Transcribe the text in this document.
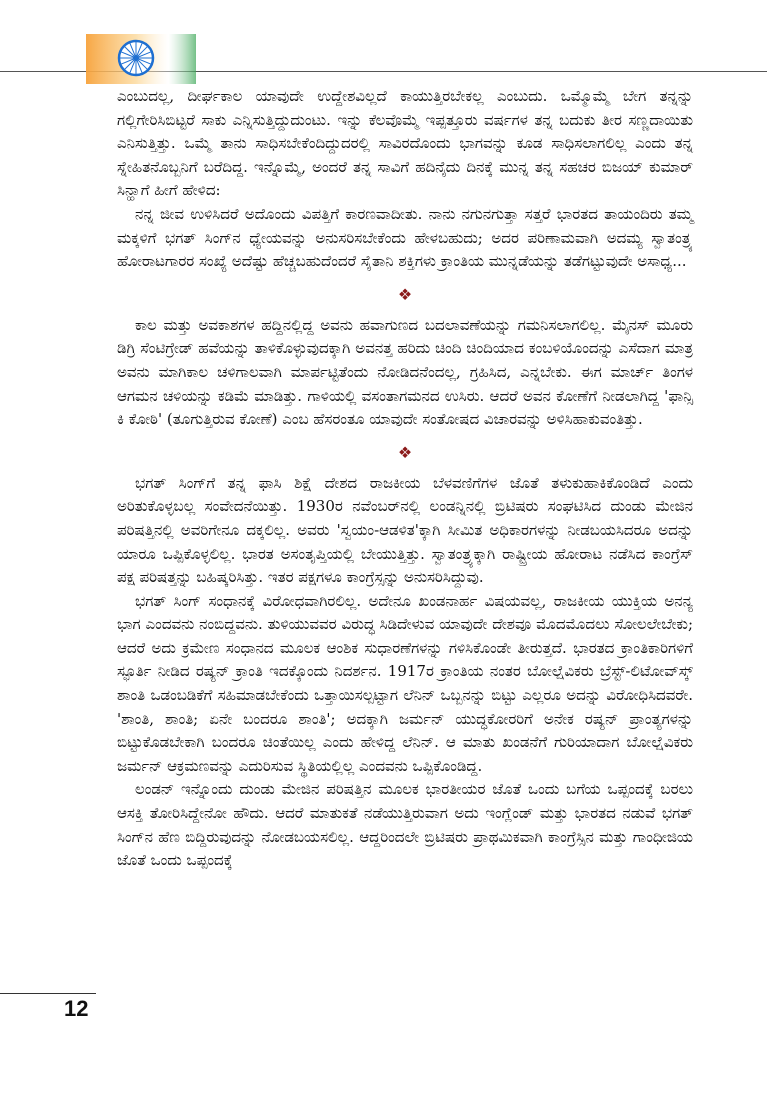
ಎಂಬುದಲ್ಲ, ದೀರ್ಘಕಾಲ ಯಾವುದೇ ಉದ್ದೇಶವಿಲ್ಲದೆ ಕಾಯುತ್ತಿರಬೇಕಲ್ಲ ಎಂಬುದು. ಒಮ್ಮೊಮ್ಮೆ ಬೇಗ ತನ್ನನ್ನು ಗಲ್ಲಿಗೇರಿಸಿಬಿಟ್ಟರೆ ಸಾಕು ಎನ್ನಿಸುತ್ತಿದ್ದುದುಂಟು. ಇನ್ನು ಕೆಲವೊಮ್ಮೆ ಇಪ್ಪತ್ತೂರು ವರ್ಷಗಳ ತನ್ನ ಬದುಕು ತೀರ ಸಣ್ಣದಾಯಿತು ಎನಿಸುತ್ತಿತ್ತು. ಒಮ್ಮೆ ತಾನು ಸಾಧಿಸಬೇಕೆಂದಿದ್ದುದರಲ್ಲಿ ಸಾವಿರದೊಂದು ಭಾಗವನ್ನು ಕೂಡ ಸಾಧಿಸಲಾಗಲಿಲ್ಲ ಎಂದು ತನ್ನ ಸ್ನೇಹಿತನೊಬ್ಬನಿಗೆ ಬರೆದಿದ್ದ. ಇನ್ನೊಮ್ಮೆ, ಅಂದರೆ ತನ್ನ ಸಾವಿಗೆ ಹದಿನೈದು ದಿನಕ್ಕೆ ಮುನ್ನ ತನ್ನ ಸಹಚರ ಬಿಜಯ್ ಕುಮಾರ್ ಸಿನ್ಹಾಗೆ ಹೀಗೆ ಹೇಳಿದ:

ನನ್ನ ಜೀವ ಉಳಿಸಿದರೆ ಅದೊಂದು ವಿಪತ್ತಿಗೆ ಕಾರಣವಾದೀತು. ನಾನು ನಗುನಗುತ್ತಾ ಸತ್ತರೆ ಭಾರತದ ತಾಯಂದಿರು ತಮ್ಮ ಮಕ್ಕಳಿಗೆ ಭಗತ್ ಸಿಂಗ್‌ನ ಧ್ಯೇಯವನ್ನು ಅನುಸರಿಸಬೇಕೆಂದು ಹೇಳಬಹುದು; ಅದರ ಪರಿಣಾಮವಾಗಿ ಅದಮ್ಯ ಸ್ವಾತಂತ್ರ್ಯ ಹೋರಾಟಗಾರರ ಸಂಖ್ಯೆ ಅದೆಷ್ಟು ಹೆಚ್ಚಬಹುದೆಂದರೆ ಸೈತಾನಿ ಶಕ್ತಿಗಳು ಕ್ರಾಂತಿಯ ಮುನ್ನಡೆಯನ್ನು ತಡೆಗಟ್ಟುವುದೇ ಅಸಾಧ್ಯ...

❖

ಕಾಲ ಮತ್ತು ಅವಕಾಶಗಳ ಹದ್ದಿನಲ್ಲಿದ್ದ ಅವನು ಹವಾಗುಣದ ಬದಲಾವಣೆಯನ್ನು ಗಮನಿಸಲಾಗಲಿಲ್ಲ. ಮೈನಸ್ ಮೂರು ಡಿಗ್ರಿ ಸೆಂಟಿಗ್ರೇಡ್ ಹವೆಯನ್ನು ತಾಳಿಕೊಳ್ಳುವುದಕ್ಕಾಗಿ ಅವನತ್ತ ಹರಿದು ಚಿಂದಿ ಚಿಂದಿಯಾದ ಕಂಬಳಿಯೊಂದನ್ನು ಎಸೆದಾಗ ಮಾತ್ರ ಅವನು ಮಾಗಿಕಾಲ ಚಳಿಗಾಲವಾಗಿ ಮಾರ್ಪಟ್ಟಿತೆಂದು ನೋಡಿದನೆಂದಲ್ಲ, ಗ್ರಹಿಸಿದ, ಎನ್ನಬೇಕು. ಈಗ ಮಾರ್ಚ್ ತಿಂಗಳ ಆಗಮನ ಚಳಿಯನ್ನು ಕಡಿಮೆ ಮಾಡಿತ್ತು. ಗಾಳಿಯಲ್ಲಿ ವಸಂತಾಗಮನದ ಉಸಿರು. ಆದರೆ ಅವನ ಕೋಣೆಗೆ ನೀಡಲಾಗಿದ್ದ 'ಫಾನ್ಸಿ ಕಿ ಕೋಠಿ' (ತೂಗುತ್ತಿರುವ ಕೋಣೆ) ಎಂಬ ಹೆಸರಂತೂ ಯಾವುದೇ ಸಂತೋಷದ ವಿಚಾರವನ್ನು ಅಳಿಸಿಹಾಕುವಂತಿತ್ತು.

❖

ಭಗತ್ ಸಿಂಗ್‌ಗೆ ತನ್ನ ಫಾಸಿ ಶಿಕ್ಷೆ ದೇಶದ ರಾಜಕೀಯ ಬೆಳವಣಿಗೆಗಳ ಜೊತೆ ತಳುಕುಹಾಕಿಕೊಂಡಿದೆ ಎಂದು ಅರಿತುಕೊಳ್ಳಬಲ್ಲ ಸಂವೇದನೆಯಿತ್ತು. 1930ರ ನವೆಂಬರ್‌ನಲ್ಲಿ ಲಂಡನ್ನಿನಲ್ಲಿ ಬ್ರಿಟಿಷರು ಸಂಘಟಿಸಿದ ದುಂಡು ಮೇಜಿನ ಪರಿಷತ್ತಿನಲ್ಲಿ ಅವರಿಗೇನೂ ದಕ್ಕಲಿಲ್ಲ. ಅವರು 'ಸ್ವಯಂ-ಆಡಳಿತ'ಕ್ಕಾಗಿ ಸೀಮಿತ ಅಧಿಕಾರಗಳನ್ನು ನೀಡಬಯಸಿದರೂ ಅದನ್ನು ಯಾರೂ ಒಪ್ಪಿಕೊಳ್ಳಲಿಲ್ಲ. ಭಾರತ ಅಸಂತೃಪ್ತಿಯಲ್ಲಿ ಬೇಯುತ್ತಿತ್ತು. ಸ್ವಾತಂತ್ರ್ಯಕ್ಕಾಗಿ ರಾಷ್ಟ್ರೀಯ ಹೋರಾಟ ನಡೆಸಿದ ಕಾಂಗ್ರೆಸ್ ಪಕ್ಷ ಪರಿಷತ್ತನ್ನು ಬಹಿಷ್ಕರಿಸಿತ್ತು. ಇತರ ಪಕ್ಷಗಳೂ ಕಾಂಗ್ರೆಸ್ಸನ್ನು ಅನುಸರಿಸಿದ್ದುವು.

ಭಗತ್ ಸಿಂಗ್ ಸಂಧಾನಕ್ಕೆ ವಿರೋಧವಾಗಿರಲಿಲ್ಲ. ಅದೇನೂ ಖಂಡನಾರ್ಹ ವಿಷಯವಲ್ಲ, ರಾಜಕೀಯ ಯುಕ್ತಿಯ ಅನನ್ಯ ಭಾಗ ಎಂದವನು ನಂಬಿದ್ದವನು. ತುಳಿಯುವವರ ವಿರುದ್ಧ ಸಿಡಿದೇಳುವ ಯಾವುದೇ ದೇಶವೂ ಮೊದಮೊದಲು ಸೋಲಲೇಬೇಕು; ಆದರೆ ಅದು ಕ್ರಮೇಣ ಸಂಧಾನದ ಮೂಲಕ ಆಂಶಿಕ ಸುಧಾರಣೆಗಳನ್ನು ಗಳಿಸಿಕೊಂಡೇ ತೀರುತ್ತದೆ. ಭಾರತದ ಕ್ರಾಂತಿಕಾರಿಗಳಿಗೆ ಸ್ಫೂರ್ತಿ ನೀಡಿದ ರಷ್ಯನ್ ಕ್ರಾಂತಿ ಇದಕ್ಕೊಂದು ನಿದರ್ಶನ. 1917ರ ಕ್ರಾಂತಿಯ ನಂತರ ಬೋಲ್ಷೆವಿಕರು ಬ್ರೆಸ್ಟ್-ಲಿಟೋವ್‌ಸ್ಕ್ ಶಾಂತಿ ಒಡಂಬಡಿಕೆಗೆ ಸಹಿಮಾಡಬೇಕೆಂದು ಒತ್ತಾಯಿಸಲ್ಪಟ್ಟಾಗ ಲೆನಿನ್ ಒಬ್ಬನನ್ನು ಬಿಟ್ಟು ಎಲ್ಲರೂ ಅದನ್ನು ವಿರೋಧಿಸಿದವರೇ. 'ಶಾಂತಿ, ಶಾಂತಿ; ಏನೇ ಬಂದರೂ ಶಾಂತಿ'; ಅದಕ್ಕಾಗಿ ಜರ್ಮನ್ ಯುದ್ಧಕೋರರಿಗೆ ಅನೇಕ ರಷ್ಯನ್ ಪ್ರಾಂತ್ಯಗಳನ್ನು ಬಿಟ್ಟುಕೊಡಬೇಕಾಗಿ ಬಂದರೂ ಚಿಂತೆಯಿಲ್ಲ ಎಂದು ಹೇಳಿದ್ದ ಲೆನಿನ್. ಆ ಮಾತು ಖಂಡನೆಗೆ ಗುರಿಯಾದಾಗ ಬೋಲ್ಷೆವಿಕರು ಜರ್ಮನ್ ಆಕ್ರಮಣವನ್ನು ಎದುರಿಸುವ ಸ್ಥಿತಿಯಲ್ಲಿಲ್ಲ ಎಂದವನು ಒಪ್ಪಿಕೊಂಡಿದ್ದ.

ಲಂಡನ್ ಇನ್ನೊಂದು ದುಂಡು ಮೇಜಿನ ಪರಿಷತ್ತಿನ ಮೂಲಕ ಭಾರತೀಯರ ಜೊತೆ ಒಂದು ಬಗೆಯ ಒಪ್ಪಂದಕ್ಕೆ ಬರಲು ಆಸಕ್ತಿ ತೋರಿಸಿದ್ದೇನೋ ಹೌದು. ಆದರೆ ಮಾತುಕತೆ ನಡೆಯುತ್ತಿರುವಾಗ ಅದು ಇಂಗ್ಲೆಂಡ್ ಮತ್ತು ಭಾರತದ ನಡುವೆ ಭಗತ್ ಸಿಂಗ್‌ನ ಹೆಣ ಬಿದ್ದಿರುವುದನ್ನು ನೋಡಬಯಸಲಿಲ್ಲ. ಆದ್ದರಿಂದಲೇ ಬ್ರಿಟಿಷರು ಪ್ರಾಥಮಿಕವಾಗಿ ಕಾಂಗ್ರೆಸ್ಸಿನ ಮತ್ತು ಗಾಂಧೀಜಿಯ ಜೊತೆ ಒಂದು ಒಪ್ಪಂದಕ್ಕೆ

12
